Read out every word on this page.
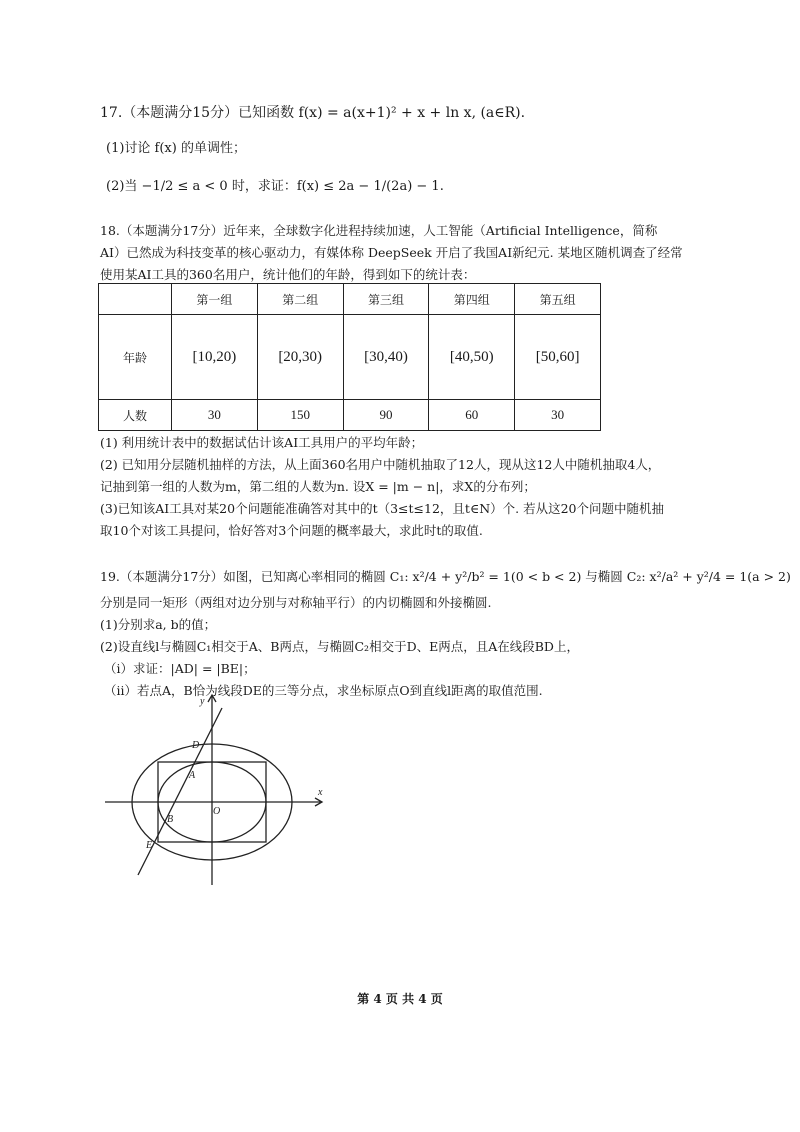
17.（本题满分15分）已知函数 f(x) = a(x+1)² + x + ln x, (a∈R).
(1)讨论 f(x) 的单调性；
(2)当 −1/2 ≤ a < 0 时，求证：f(x) ≤ 2a − 1/(2a) − 1.
18.（本题满分17分）近年来，全球数字化进程持续加速，人工智能（Artificial Intelligence，简称
AI）已然成为科技变革的核心驱动力，有媒体称 DeepSeek 开启了我国AI新纪元. 某地区随机调查了经常
使用某AI工具的360名用户，统计他们的年龄，得到如下的统计表：
	第一组	第二组	第三组	第四组	第五组
年龄	[10,20)	[20,30)	[30,40)	[40,50)	[50,60]
人数	30	150	90	60	30
(1) 利用统计表中的数据试估计该AI工具用户的平均年龄；
(2) 已知用分层随机抽样的方法，从上面360名用户中随机抽取了12人，现从这12人中随机抽取4人，
记抽到第一组的人数为m，第二组的人数为n. 设X = |m − n|，求X的分布列；
(3)已知该AI工具对某20个问题能准确答对其中的t（3≤t≤12，且t∈N）个. 若从这20个问题中随机抽
取10个对该工具提问，恰好答对3个问题的概率最大，求此时t的取值.
19.（本题满分17分）如图，已知离心率相同的椭圆 C₁: x²/4 + y²/b² = 1(0 < b < 2) 与椭圆 C₂: x²/a² + y²/4 = 1(a > 2)
分别是同一矩形（两组对边分别与对称轴平行）的内切椭圆和外接椭圆.
(1)分别求a, b的值；
(2)设直线l与椭圆C₁相交于A、B两点，与椭圆C₂相交于D、E两点，且A在线段BD上，
（i）求证：|AD| = |BE|；
（ii）若点A，B恰为线段DE的三等分点，求坐标原点O到直线l距离的取值范围.
y
x
O
D
A
B
E
第 4 页 共 4 页
